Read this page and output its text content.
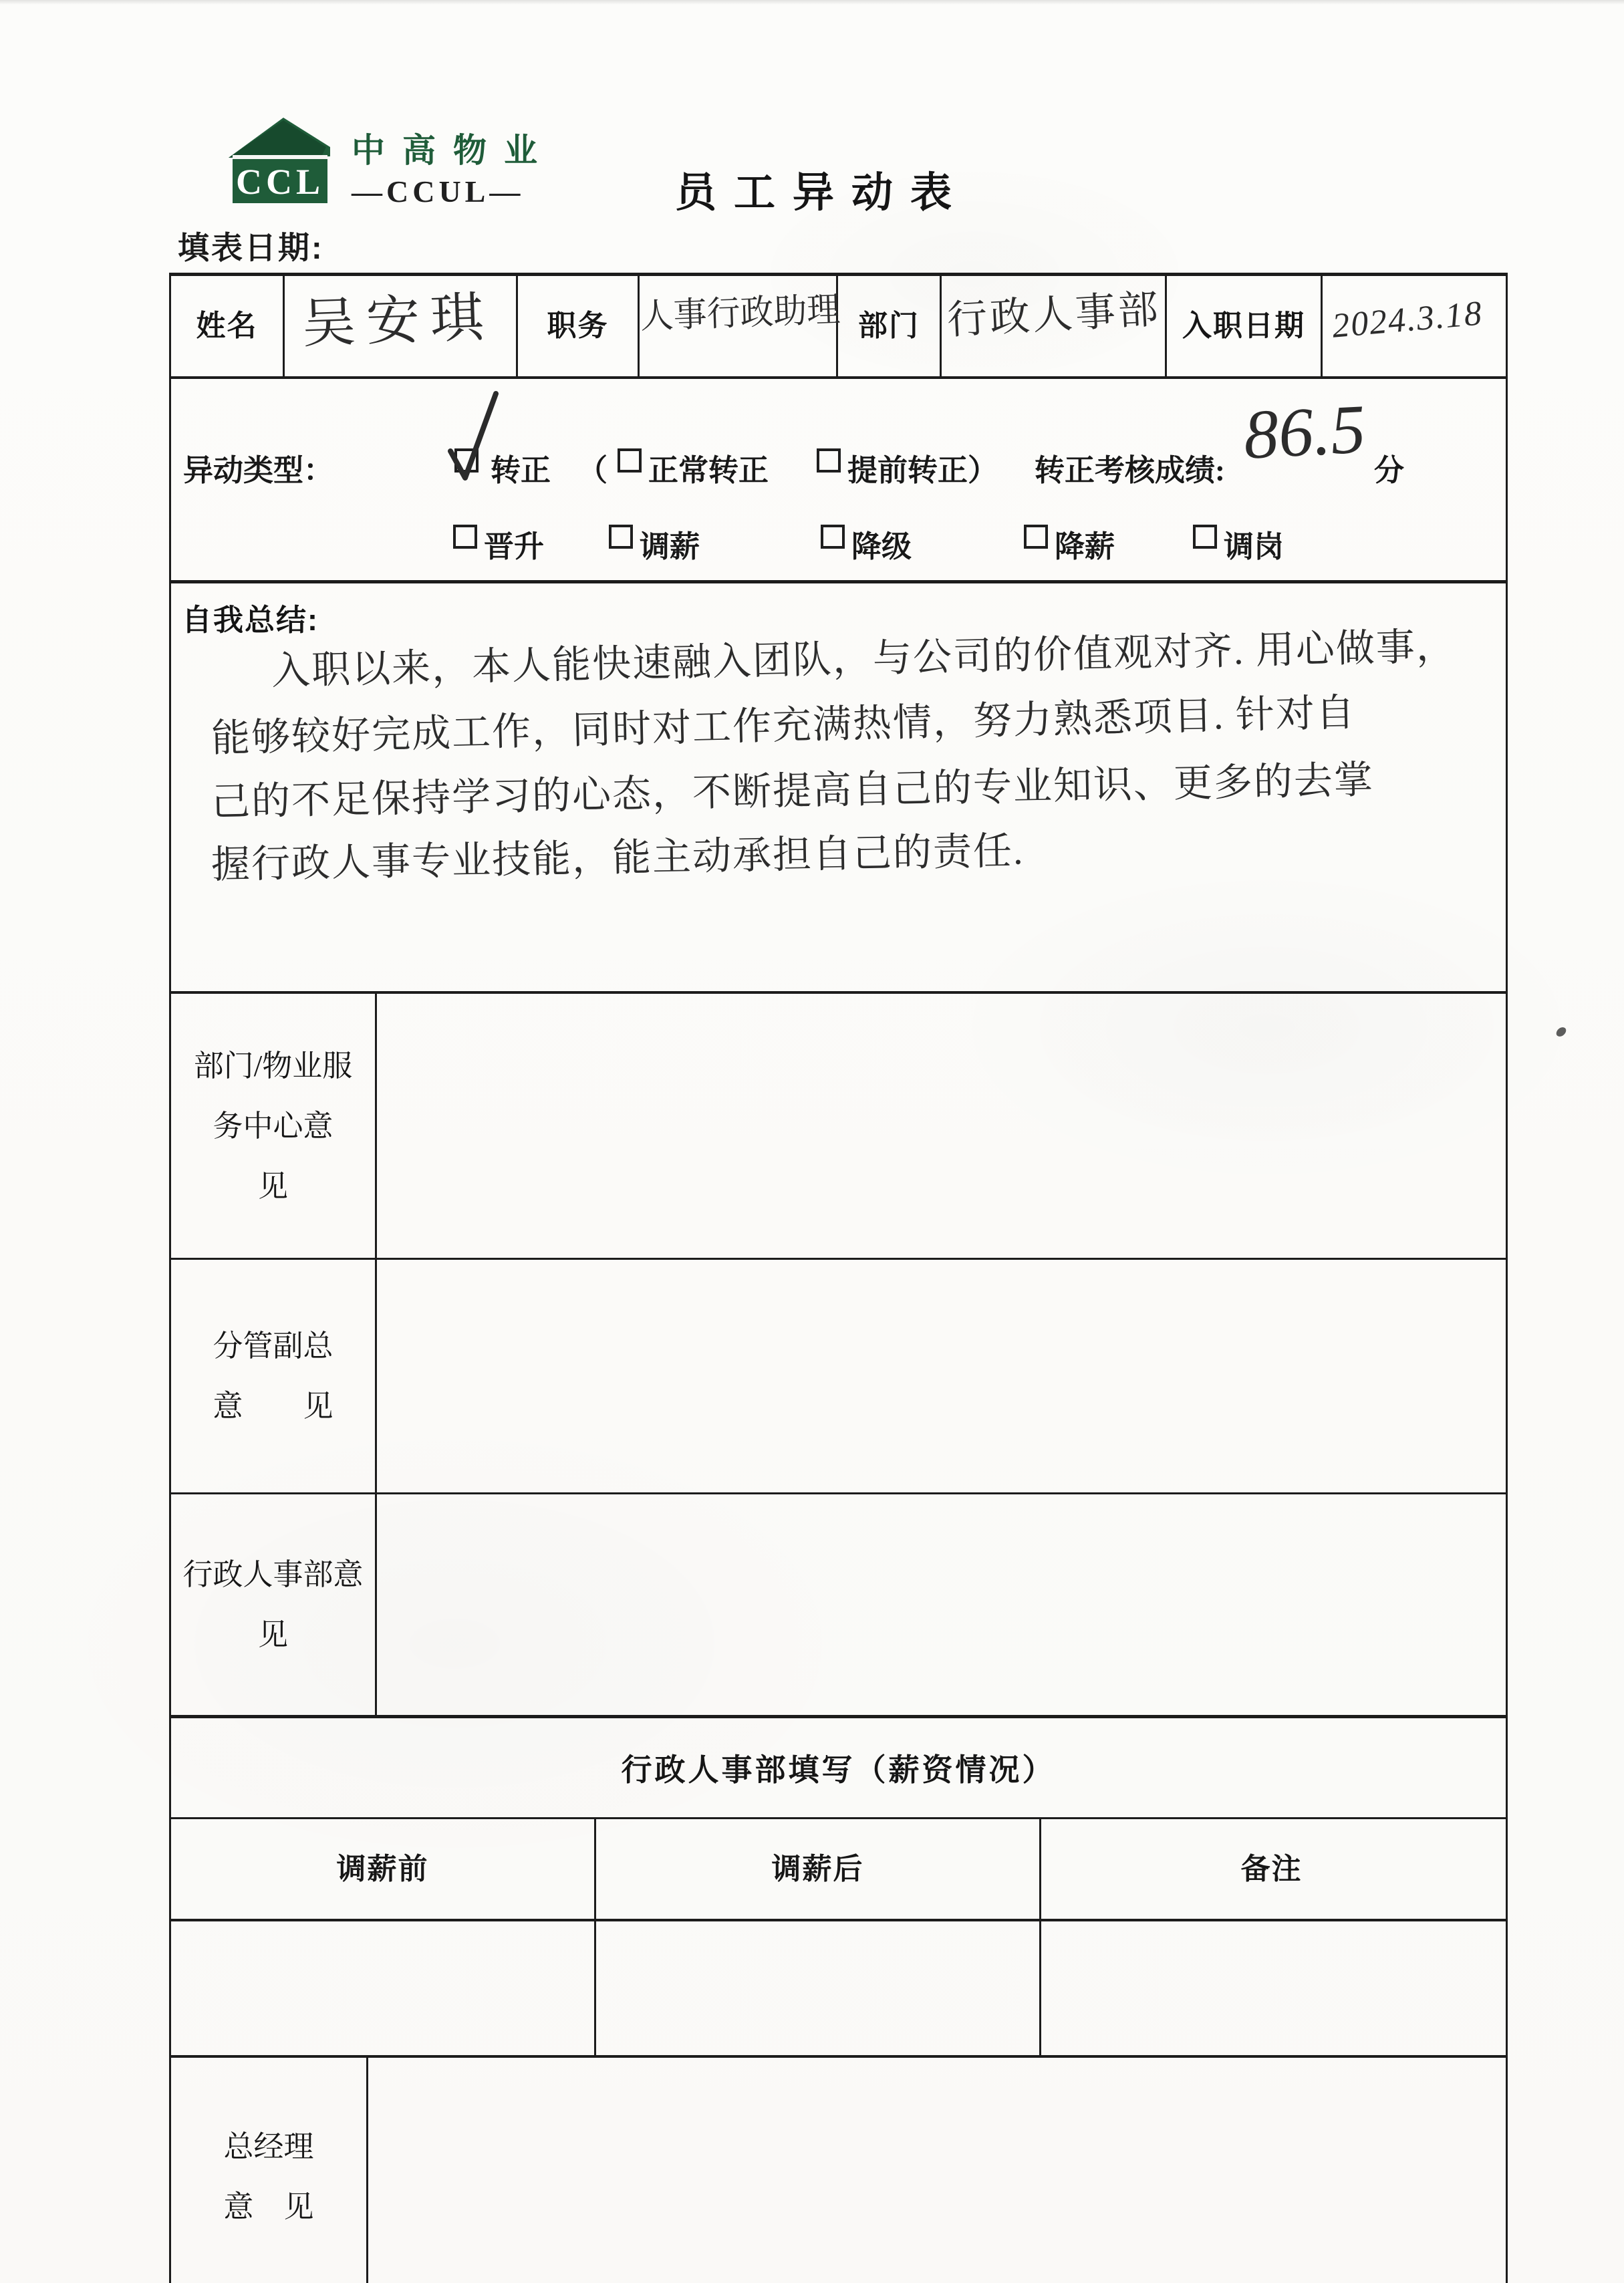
CCL
中高物业
—CCUL—	员工异动表
填表日期:
姓名 吴安琪 职务 人事行政助理 部门 行政人事部 入职日期 2024.3.18
异动类型：	转正 （ 正常转正	提前转正 ） 转正考核成绩: 86.5 分
晋升	调薪	降级	降薪	调岗
自我总结:
入职以来，本人能快速融入团队，与公司的价值观对齐. 用心做事，
能够较好完成工作，同时对工作充满热情，努力熟悉项目. 针对自
己的不足保持学习的心态，不断提高自己的专业知识、更多的去掌
握行政人事专业技能，能主动承担自己的责任.
部门/物业服
务中心意
见
分管副总
意　　见
行政人事部意
见
行政人事部填写（薪资情况）
调薪前	调薪后	备注
总经理
意　见
